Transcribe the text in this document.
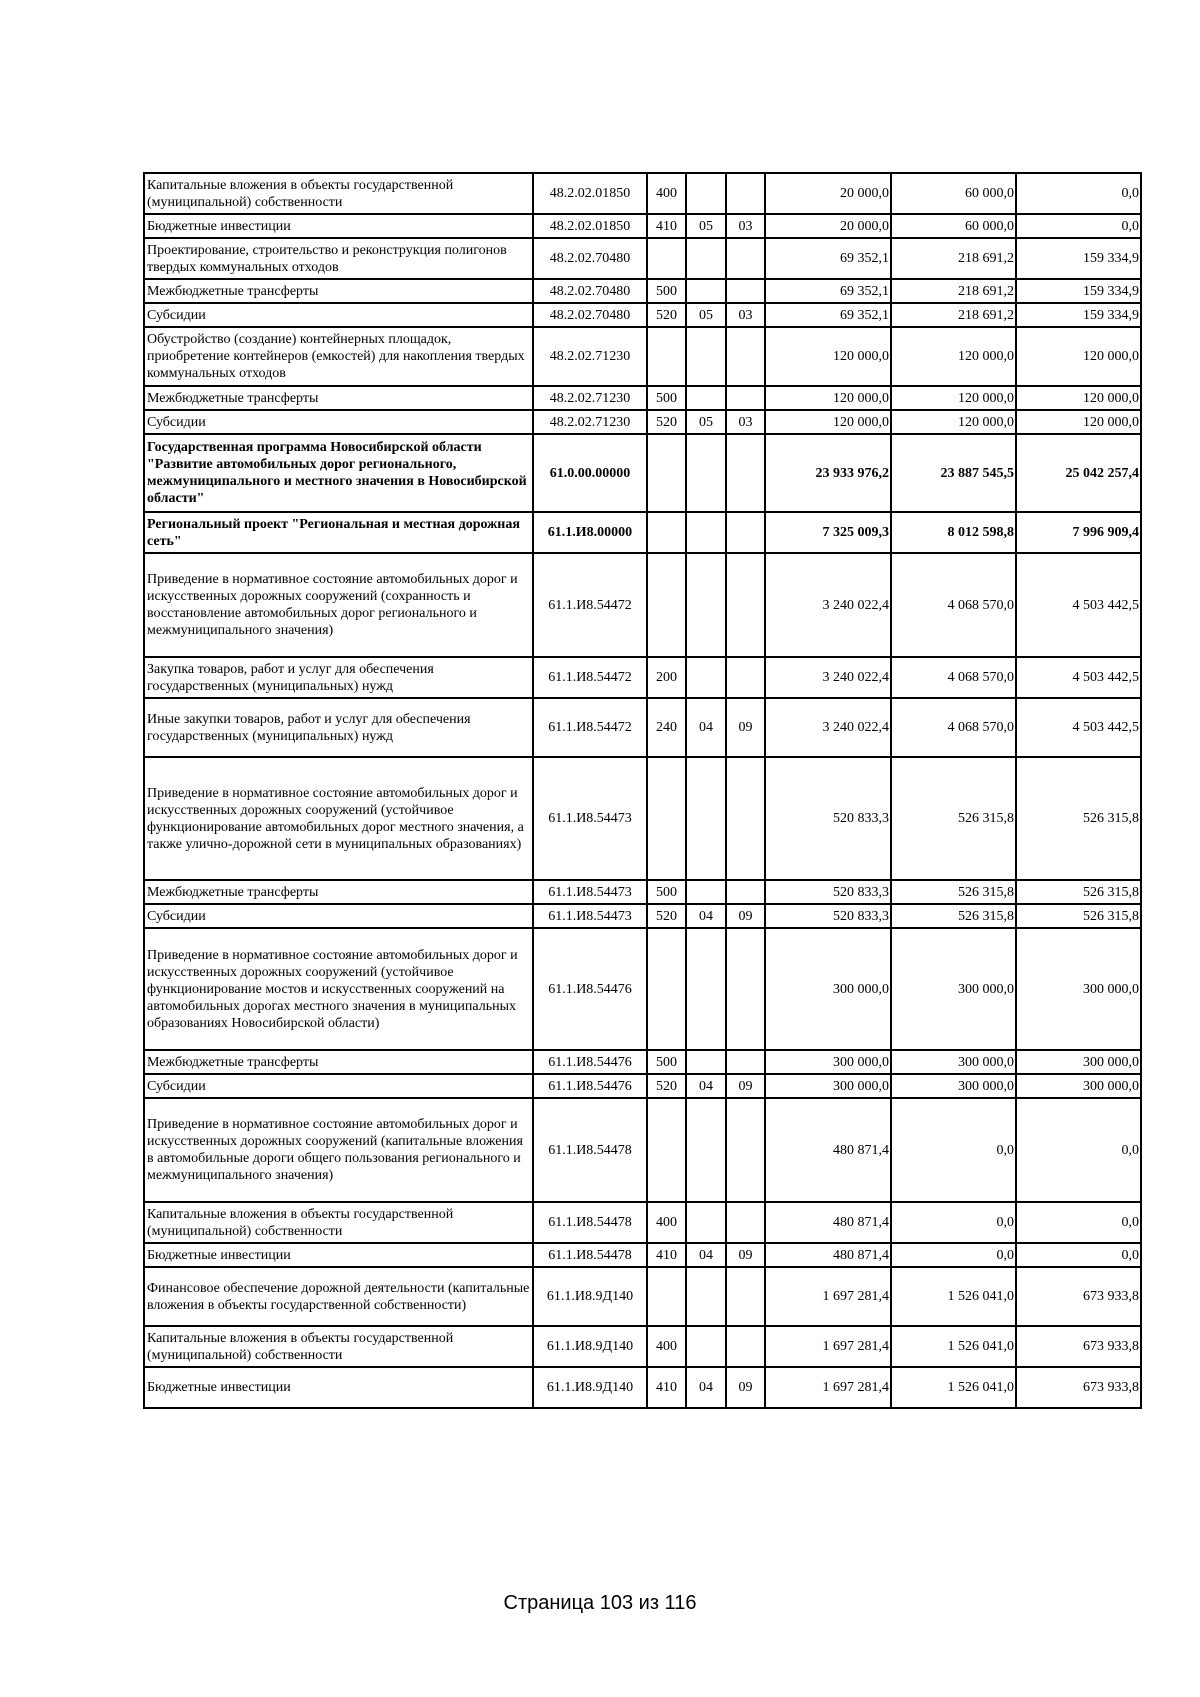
Капитальные вложения в объекты государственной (муниципальной) собственности	48.2.02.01850	400			20 000,0	60 000,0	0,0
Бюджетные инвестиции	48.2.02.01850	410	05	03	20 000,0	60 000,0	0,0
Проектирование, строительство и реконструкция полигонов твердых коммунальных отходов	48.2.02.70480				69 352,1	218 691,2	159 334,9
Межбюджетные трансферты	48.2.02.70480	500			69 352,1	218 691,2	159 334,9
Субсидии	48.2.02.70480	520	05	03	69 352,1	218 691,2	159 334,9
Обустройство (создание) контейнерных площадок, приобретение контейнеров (емкостей) для накопления твердых коммунальных отходов	48.2.02.71230				120 000,0	120 000,0	120 000,0
Межбюджетные трансферты	48.2.02.71230	500			120 000,0	120 000,0	120 000,0
Субсидии	48.2.02.71230	520	05	03	120 000,0	120 000,0	120 000,0
Государственная программа Новосибирской области "Развитие автомобильных дорог регионального, межмуниципального и местного значения в Новосибирской области"	61.0.00.00000				23 933 976,2	23 887 545,5	25 042 257,4
Региональный проект "Региональная и местная дорожная сеть"	61.1.И8.00000				7 325 009,3	8 012 598,8	7 996 909,4
Приведение в нормативное состояние автомобильных дорог и искусственных дорожных сооружений (сохранность и восстановление автомобильных дорог регионального и межмуниципального значения)	61.1.И8.54472				3 240 022,4	4 068 570,0	4 503 442,5
Закупка товаров, работ и услуг для обеспечения государственных (муниципальных) нужд	61.1.И8.54472	200			3 240 022,4	4 068 570,0	4 503 442,5
Иные закупки товаров, работ и услуг для обеспечения государственных (муниципальных) нужд	61.1.И8.54472	240	04	09	3 240 022,4	4 068 570,0	4 503 442,5
Приведение в нормативное состояние автомобильных дорог и искусственных дорожных сооружений (устойчивое функционирование автомобильных дорог местного значения, а также улично-дорожной сети в муниципальных образованиях)	61.1.И8.54473				520 833,3	526 315,8	526 315,8
Межбюджетные трансферты	61.1.И8.54473	500			520 833,3	526 315,8	526 315,8
Субсидии	61.1.И8.54473	520	04	09	520 833,3	526 315,8	526 315,8
Приведение в нормативное состояние автомобильных дорог и искусственных дорожных сооружений (устойчивое функционирование мостов и искусственных сооружений на автомобильных дорогах местного значения в муниципальных образованиях Новосибирской области)	61.1.И8.54476				300 000,0	300 000,0	300 000,0
Межбюджетные трансферты	61.1.И8.54476	500			300 000,0	300 000,0	300 000,0
Субсидии	61.1.И8.54476	520	04	09	300 000,0	300 000,0	300 000,0
Приведение в нормативное состояние автомобильных дорог и искусственных дорожных сооружений (капитальные вложения в автомобильные дороги общего пользования регионального и межмуниципального значения)	61.1.И8.54478				480 871,4	0,0	0,0
Капитальные вложения в объекты государственной (муниципальной) собственности	61.1.И8.54478	400			480 871,4	0,0	0,0
Бюджетные инвестиции	61.1.И8.54478	410	04	09	480 871,4	0,0	0,0
Финансовое обеспечение дорожной деятельности (капитальные вложения в объекты государственной собственности)	61.1.И8.9Д140				1 697 281,4	1 526 041,0	673 933,8
Капитальные вложения в объекты государственной (муниципальной) собственности	61.1.И8.9Д140	400			1 697 281,4	1 526 041,0	673 933,8
Бюджетные инвестиции	61.1.И8.9Д140	410	04	09	1 697 281,4	1 526 041,0	673 933,8
Страница 103 из 116
